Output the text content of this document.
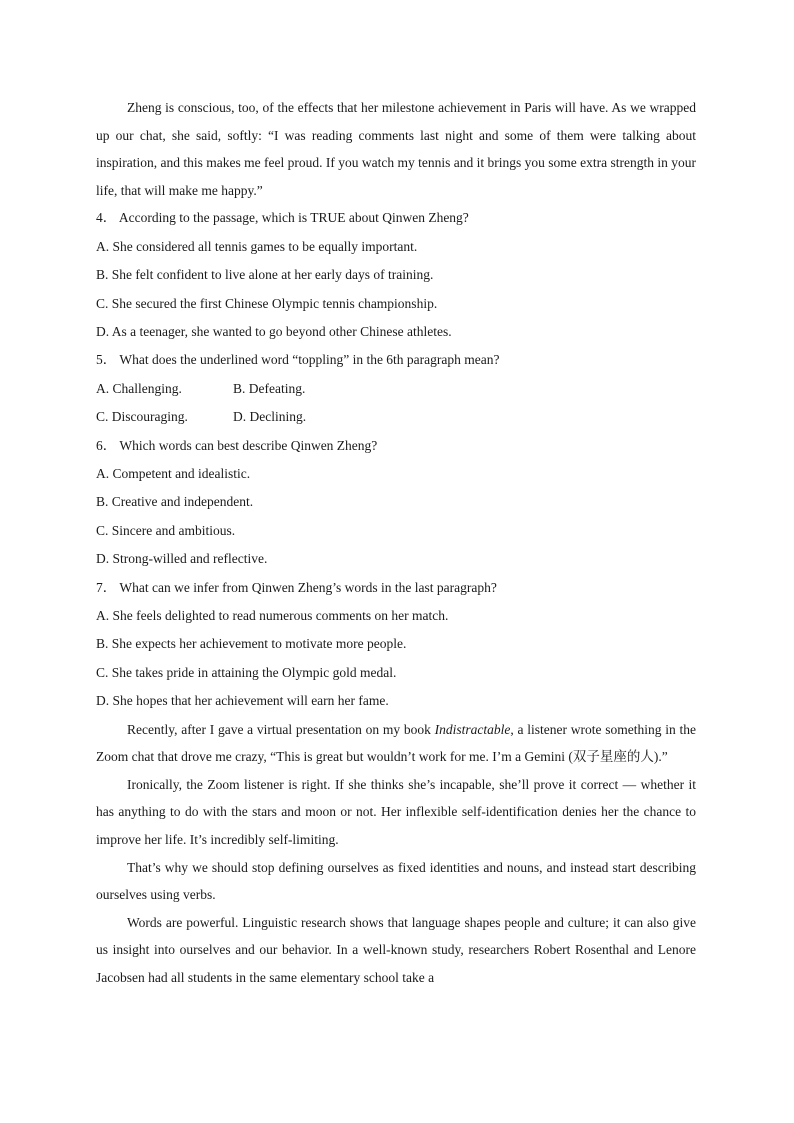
Zheng is conscious, too, of the effects that her milestone achievement in Paris will have. As we wrapped up our chat, she said, softly: “I was reading comments last night and some of them were talking about inspiration, and this makes me feel proud. If you watch my tennis and it brings you some extra strength in your life, that will make me happy.”

4． According to the passage, which is TRUE about Qinwen Zheng?

A. She considered all tennis games to be equally important.

B. She felt confident to live alone at her early days of training.

C. She secured the first Chinese Olympic tennis championship.

D. As a teenager, she wanted to go beyond other Chinese athletes.

5． What does the underlined word “toppling” in the 6th paragraph mean?

A. Challenging.	B. Defeating.

C. Discouraging.	D. Declining.

6． Which words can best describe Qinwen Zheng?

A. Competent and idealistic.

B. Creative and independent.

C. Sincere and ambitious.

D. Strong-willed and reflective.

7． What can we infer from Qinwen Zheng’s words in the last paragraph?

A. She feels delighted to read numerous comments on her match.

B. She expects her achievement to motivate more people.

C. She takes pride in attaining the Olympic gold medal.

D. She hopes that her achievement will earn her fame.

Recently, after I gave a virtual presentation on my book Indistractable, a listener wrote something in the Zoom chat that drove me crazy, “This is great but wouldn’t work for me. I’m a Gemini (双子星座的人).”

Ironically, the Zoom listener is right. If she thinks she’s incapable, she’ll prove it correct — whether it has anything to do with the stars and moon or not. Her inflexible self-identification denies her the chance to improve her life. It’s incredibly self-limiting.

That’s why we should stop defining ourselves as fixed identities and nouns, and instead start describing ourselves using verbs.

Words are powerful. Linguistic research shows that language shapes people and culture; it can also give us insight into ourselves and our behavior. In a well-known study, researchers Robert Rosenthal and Lenore Jacobsen had all students in the same elementary school take a
